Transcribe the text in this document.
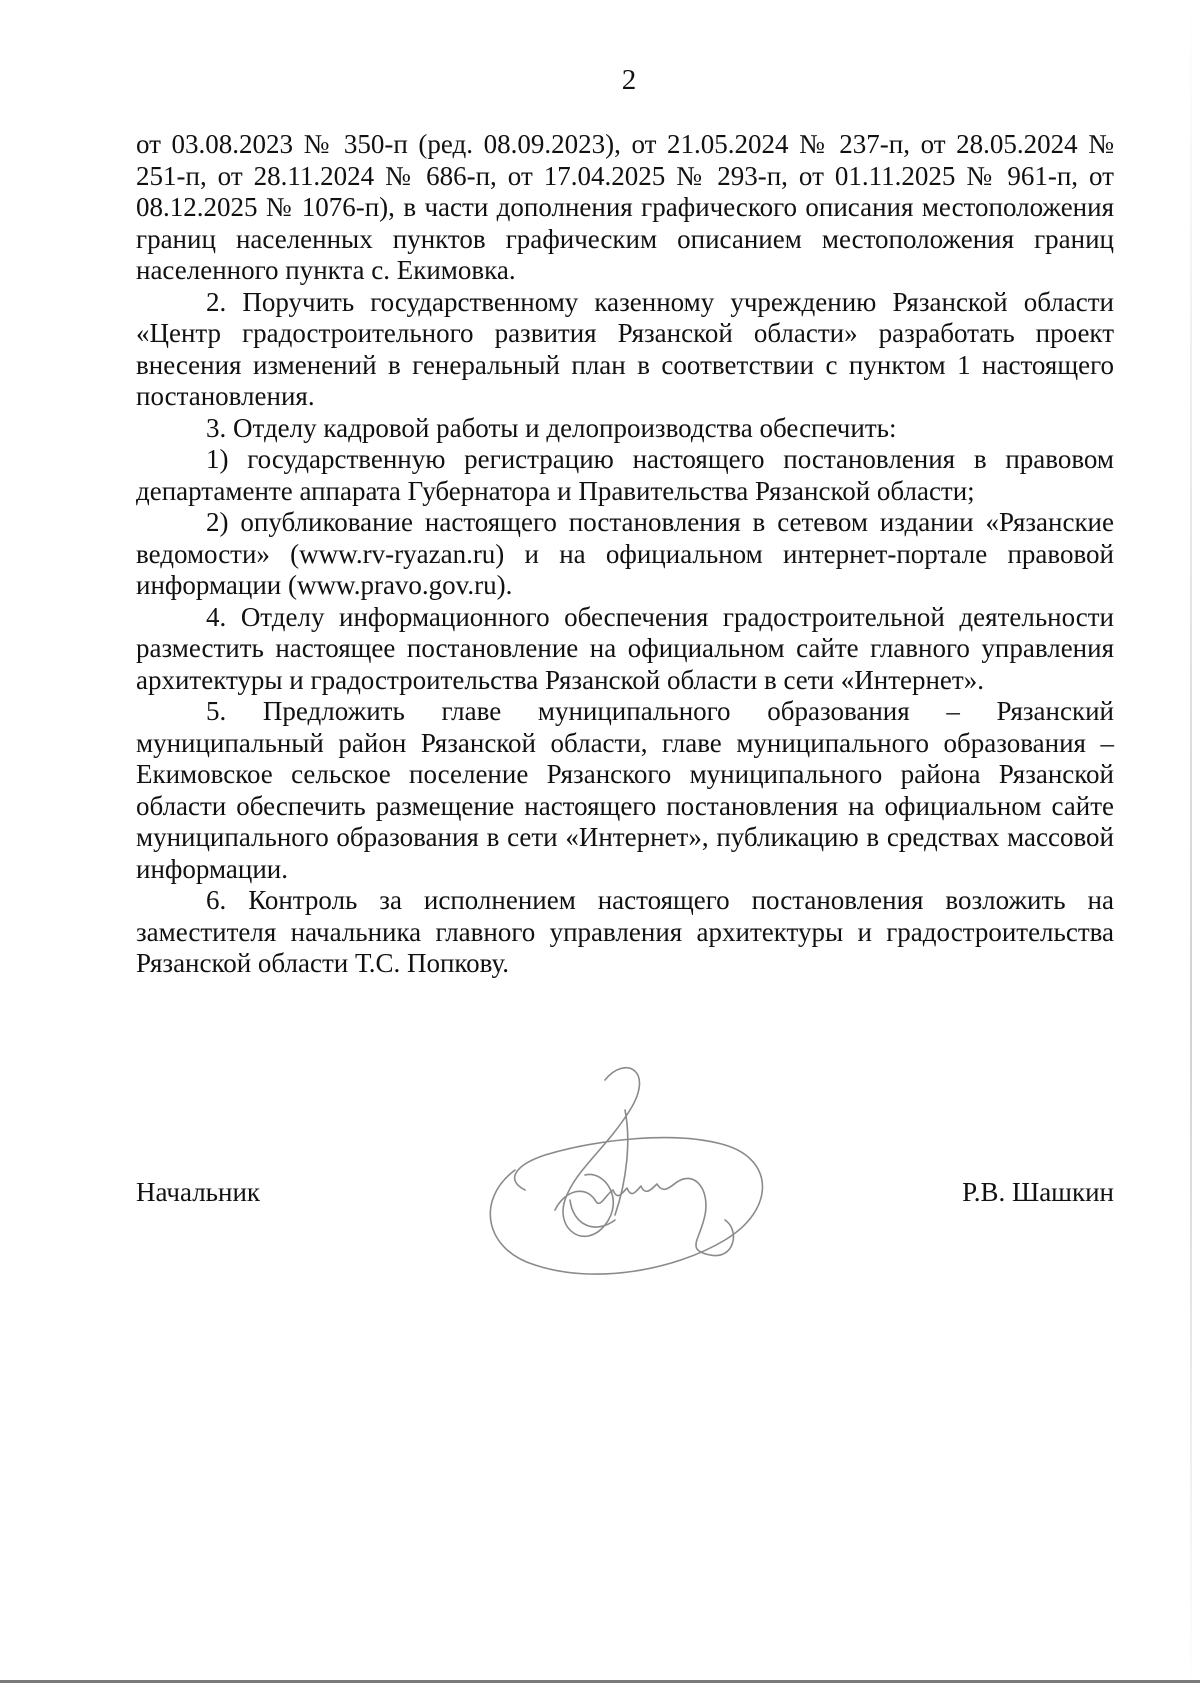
2

от 03.08.2023 № 350-п (ред. 08.09.2023), от 21.05.2024 № 237-п, от 28.05.2024 № 251-п, от 28.11.2024 № 686-п, от 17.04.2025 № 293-п, от 01.11.2025 № 961-п, от 08.12.2025 № 1076-п), в части дополнения графического описания местоположения границ населенных пунктов графическим описанием местоположения границ населенного пункта с. Екимовка.

2. Поручить государственному казенному учреждению Рязанской области «Центр градостроительного развития Рязанской области» разработать проект внесения изменений в генеральный план в соответствии с пунктом 1 настоящего постановления.

3. Отделу кадровой работы и делопроизводства обеспечить:

1) государственную регистрацию настоящего постановления в правовом департаменте аппарата Губернатора и Правительства Рязанской области;

2) опубликование настоящего постановления в сетевом издании «Рязанские ведомости» (www.rv-ryazan.ru) и на официальном интернет-портале правовой информации (www.pravo.gov.ru).

4. Отделу информационного обеспечения градостроительной деятельности разместить настоящее постановление на официальном сайте главного управления архитектуры и градостроительства Рязанской области в сети «Интернет».

5. Предложить главе муниципального образования – Рязанский муниципальный район Рязанской области, главе муниципального образования – Екимовское сельское поселение Рязанского муниципального района Рязанской области обеспечить размещение настоящего постановления на официальном сайте муниципального образования в сети «Интернет», публикацию в средствах массовой информации.

6. Контроль за исполнением настоящего постановления возложить на заместителя начальника главного управления архитектуры и градостроительства Рязанской области Т.С. Попкову.

Начальник	Р.В. Шашкин
